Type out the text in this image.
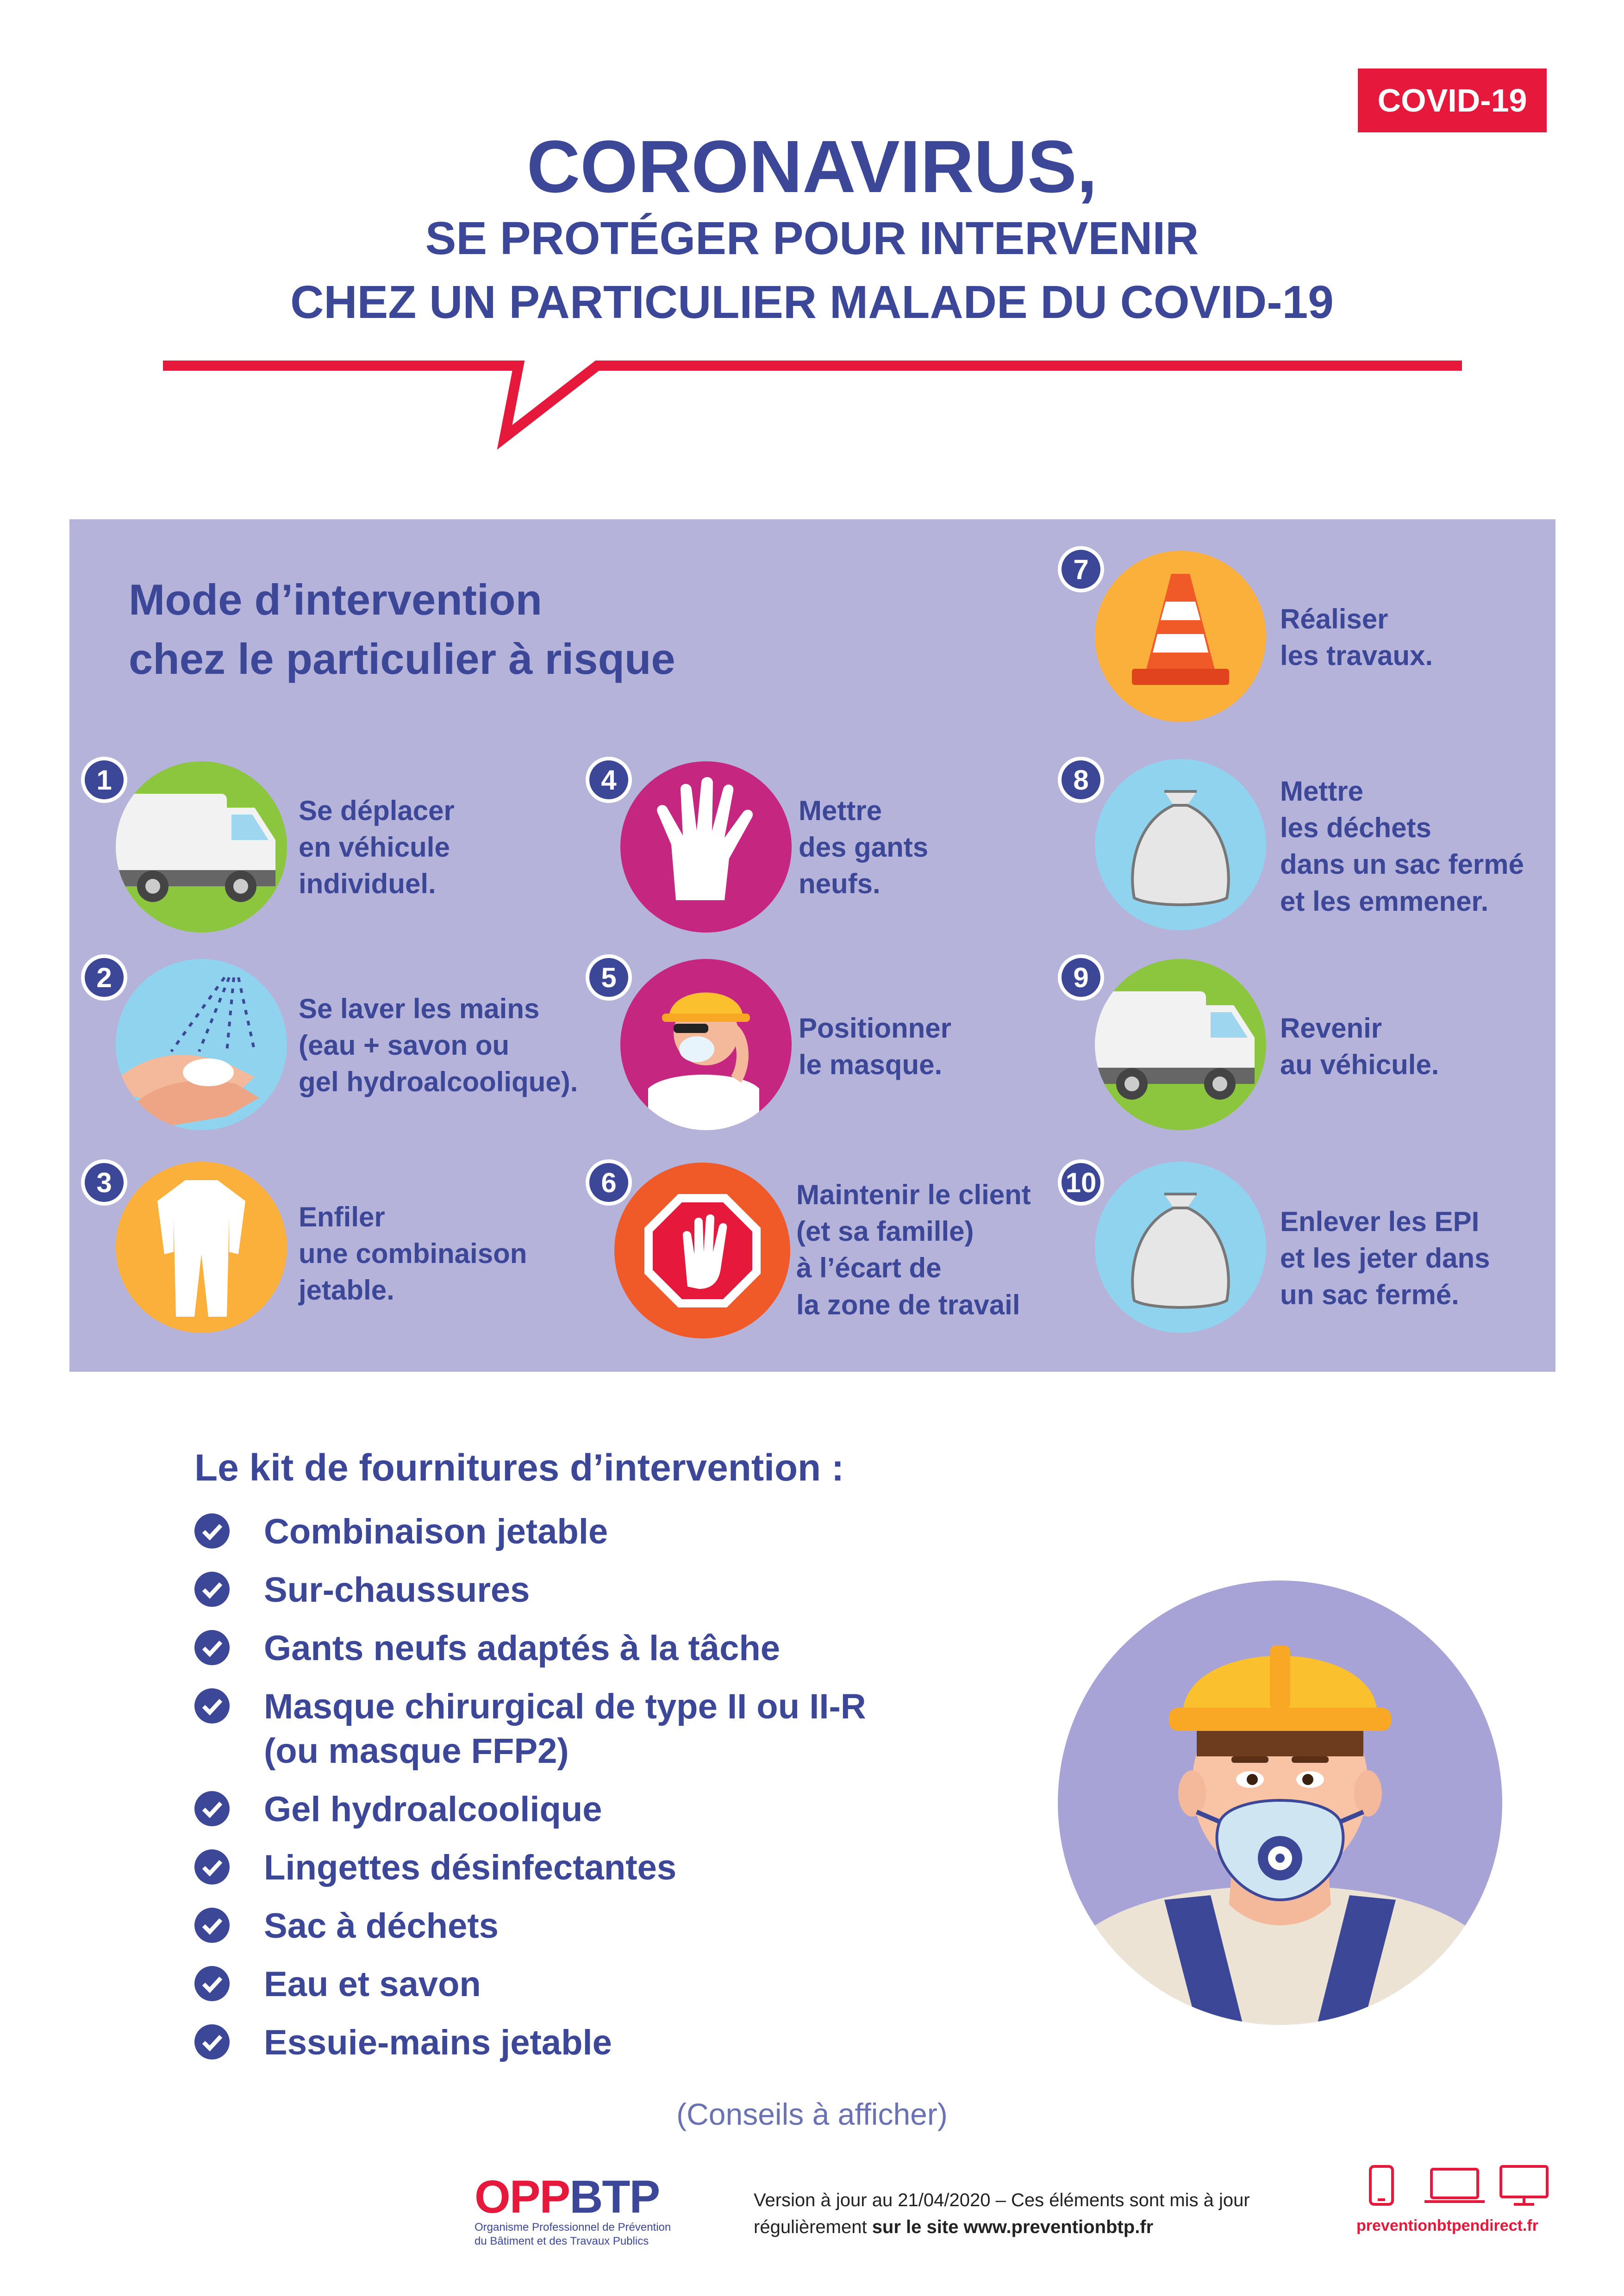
COVID-19
CORONAVIRUS,
SE PROTÉGER POUR INTERVENIR
CHEZ UN PARTICULIER MALADE DU COVID-19
Mode d’intervention
chez le particulier à risque
1
Se déplacer
en véhicule
individuel.
2
Se laver les mains
(eau + savon ou
gel hydroalcoolique).
3
Enfiler
une combinaison
jetable.
4
Mettre
des gants
neufs.
5
Positionner
le masque.
6	Maintenir le client
(et sa famille)
à l’écart de
la zone de travail
7
Réaliser
les travaux.
8	Mettre
les déchets
dans un sac fermé
et les emmener.
9
Revenir
au véhicule.
10
Enlever les EPI
et les jeter dans
un sac fermé.
Le kit de fournitures d’intervention :
Combinaison jetable
Sur-chaussures
Gants neufs adaptés à la tâche
Masque chirurgical de type II ou II-R
(ou masque FFP2)
Gel hydroalcoolique
Lingettes désinfectantes
Sac à déchets
Eau et savon
Essuie-mains jetable
(Conseils à afficher)
OPPBTP
Organisme Professionnel de Prévention
du Bâtiment et des Travaux Publics
Version à jour au 21/04/2020 – Ces éléments sont mis à jour régulièrement sur le site www.preventionbtp.fr	preventionbtpendirect.fr
